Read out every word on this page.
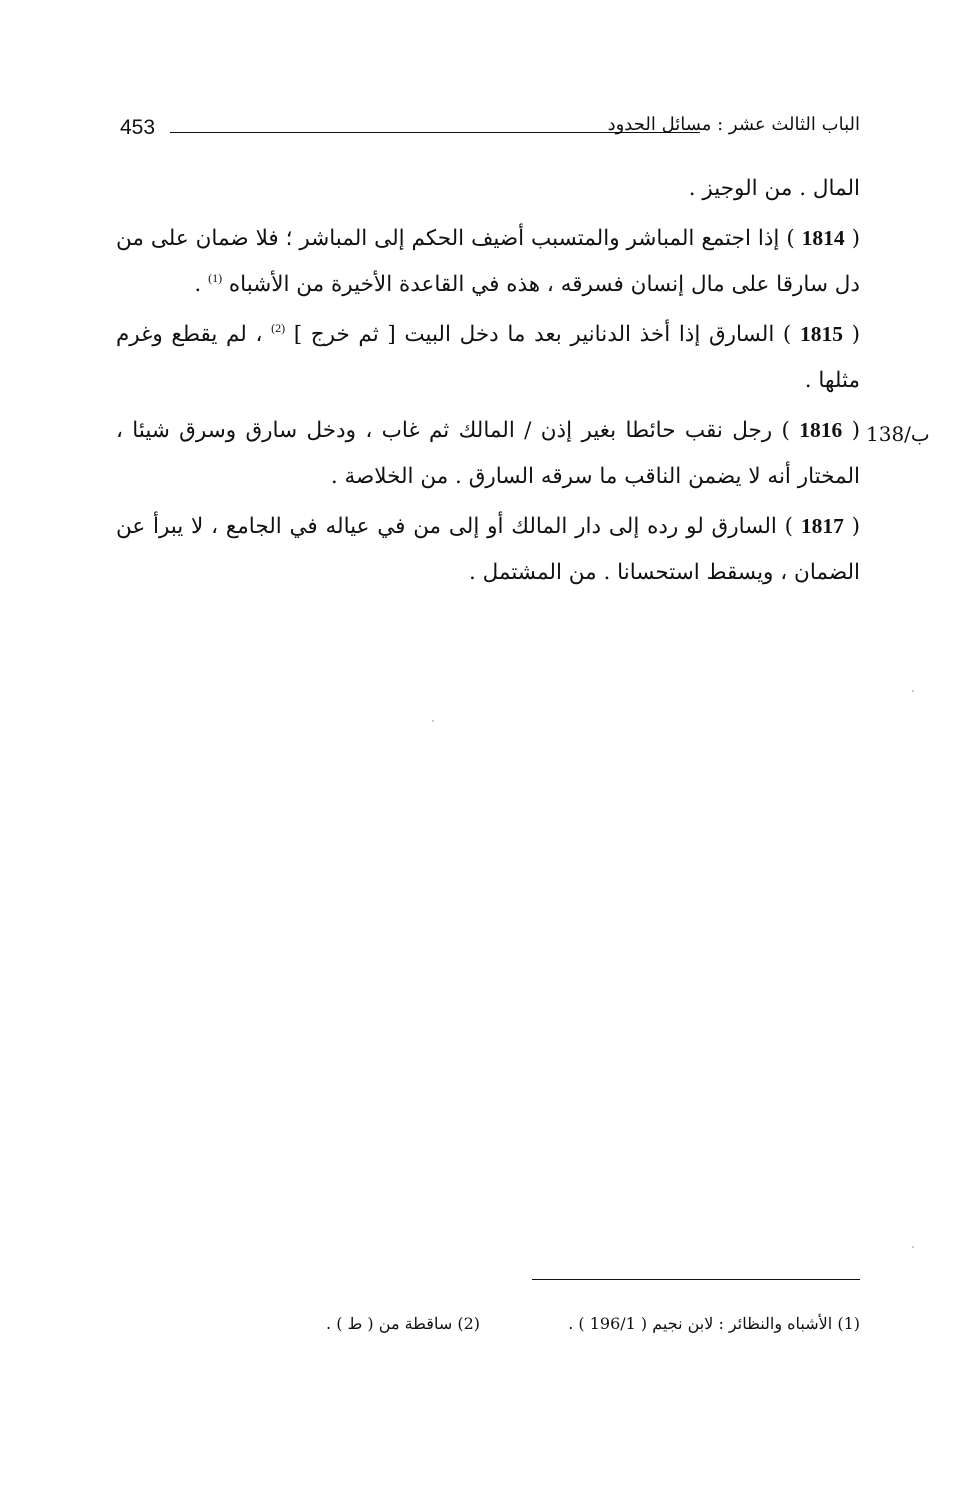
453	الباب الثالث عشر : مسائل الحدود

المال . من الوجيز .

( 1814 ) إذا اجتمع المباشر والمتسبب أضيف الحكم إلى المباشر ؛ فلا ضمان على من دل سارقا على مال إنسان فسرقه ، هذه في القاعدة الأخيرة من الأشباه $^{(1)}$ .

( 1815 ) السارق إذا أخذ الدنانير بعد ما دخل البيت [ ثم خرج ] $^{(2)}$ ، لم يقطع وغرم مثلها .

( 1816 ) رجل نقب حائطا بغير إذن / المالك ثم غاب ، ودخل سارق وسرق شيئا ، المختار أنه لا يضمن الناقب ما سرقه السارق . من الخلاصة .

( 1817 ) السارق لو رده إلى دار المالك أو إلى من في عياله في الجامع ، لا يبرأ عن الضمان ، ويسقط استحسانا . من المشتمل .

138/ب
(1) الأشباه والنظائر : لابن نجيم ( 196/1 ) .
(2) ساقطة من ( ط ) .
